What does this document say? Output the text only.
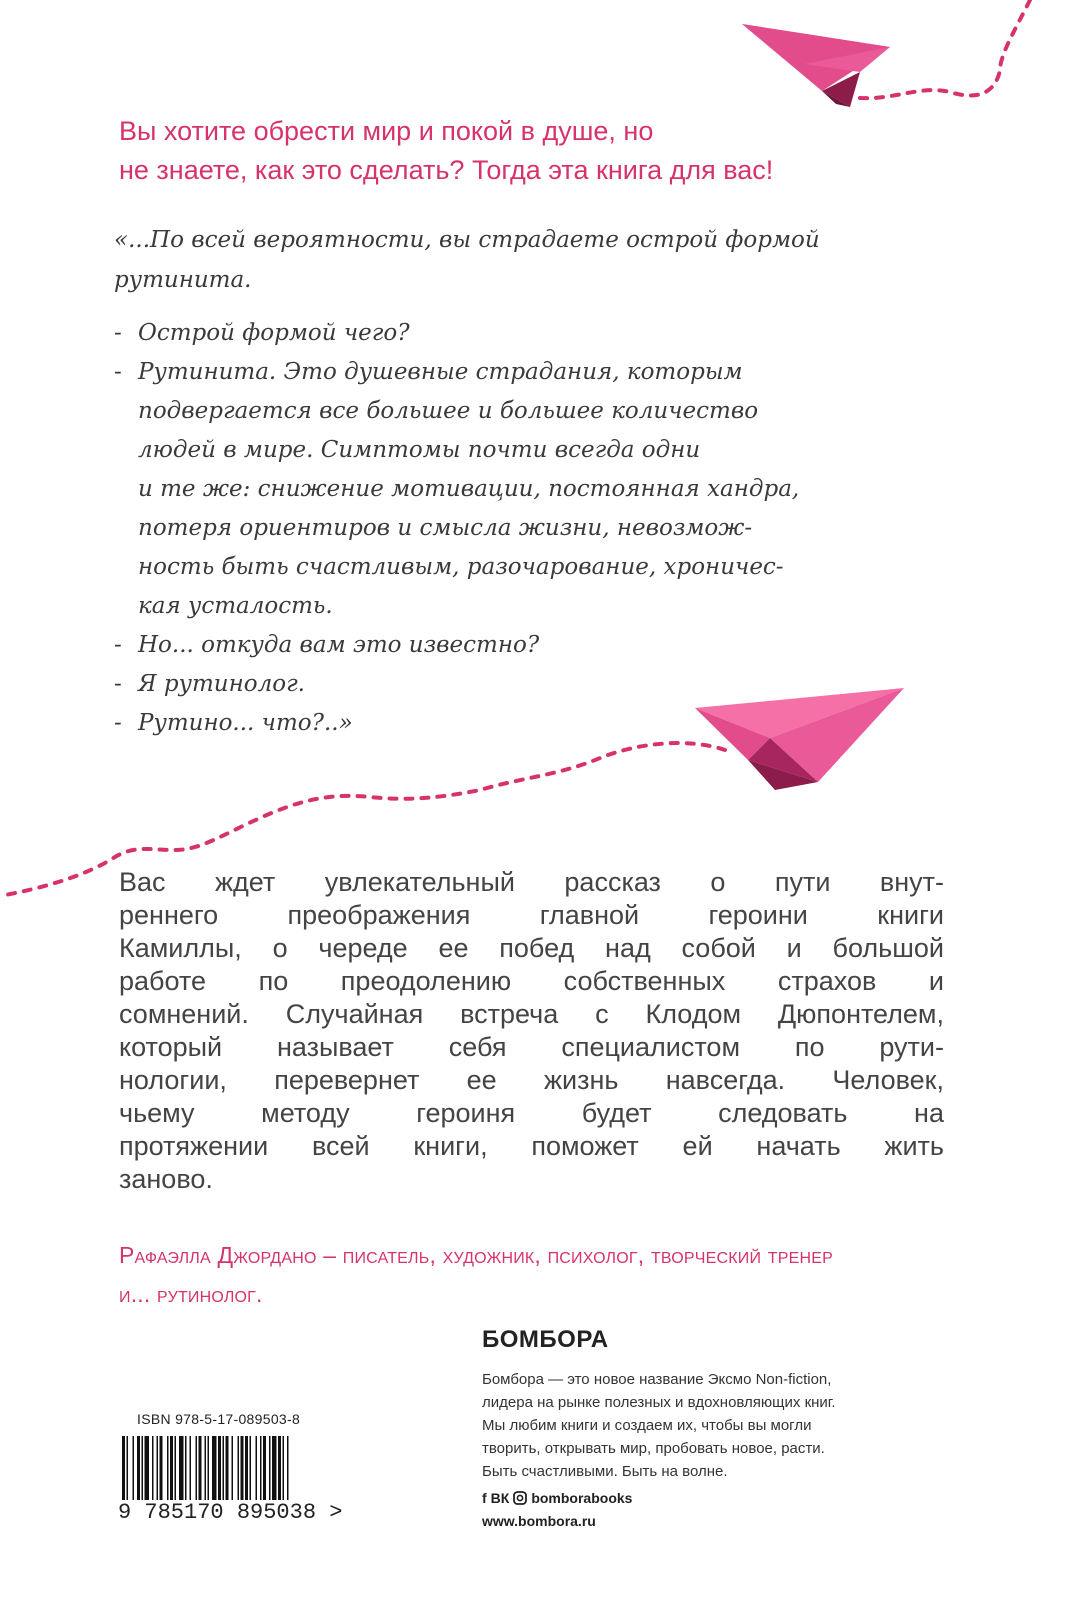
Вы хотите обрести мир и покой в душе, но
не знаете, как это сделать? Тогда эта книга для вас!
«...По всей вероятности, вы страдаете острой формой
рутинита.
- Острой формой чего?
- Рутинита. Это душевные страдания, которым
подвергается все большее и большее количество
людей в мире. Симптомы почти всегда одни
и те же: снижение мотивации, постоянная хандра,
потеря ориентиров и смысла жизни, невозмож-
ность быть счастливым, разочарование, хроничес-
кая усталость.
- Но... откуда вам это известно?
- Я рутинолог.
- Рутино... что?..»
Вас ждет увлекательный рассказ о пути внут-
реннего преображения главной героини книги
Камиллы, о череде ее побед над собой и большой
работе по преодолению собственных страхов и
сомнений. Случайная встреча с Клодом Дюпонтелем,
который называет себя специалистом по рути-
нологии, перевернет ее жизнь навсегда. Человек,
чьему методу героиня будет следовать на
протяжении всей книги, поможет ей начать жить
заново.
Рафаэлла Джордано – писатель, художник, психолог, творческий тренер
и... рутинолог.
БОМБОРА
Бомбора — это новое название Эксмо Non-fiction,
лидера на рынке полезных и вдохновляющих книг.
Мы любим книги и создаем их, чтобы вы могли
творить, открывать мир, пробовать новое, расти.
Быть счастливыми. Быть на волне.
f ВК bomborabooks
www.bombora.ru
ISBN 978-5-17-089503-8
9 785170 895038 >
